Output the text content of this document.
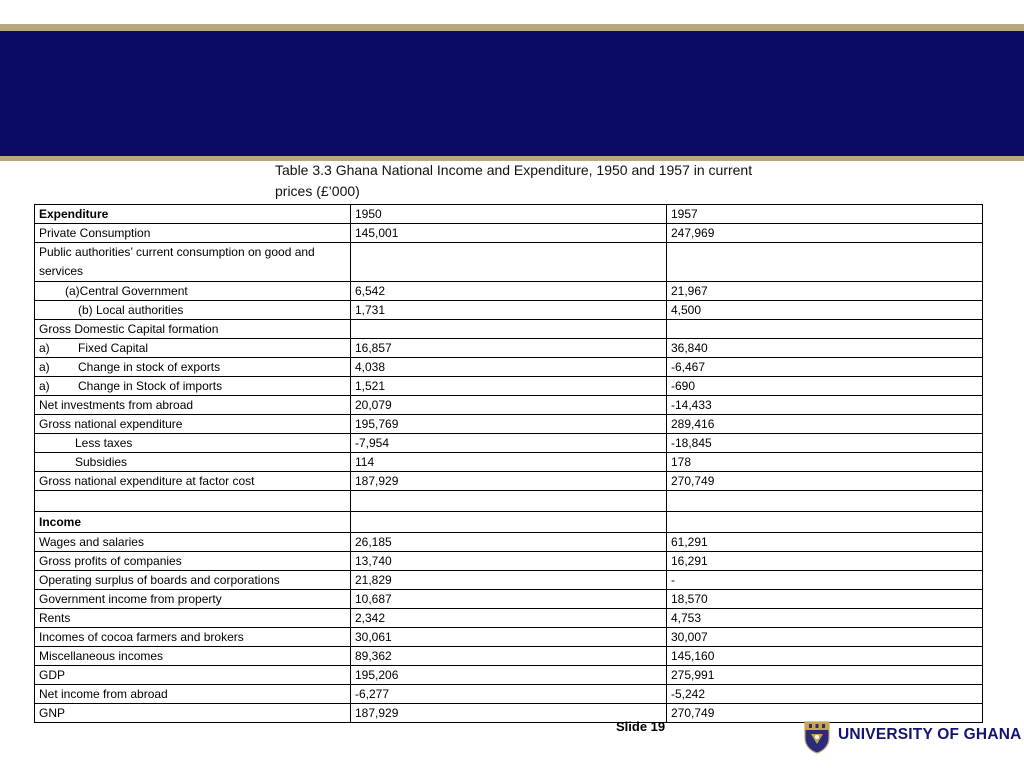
Table 3.3 Ghana National Income and Expenditure, 1950 and 1957 in current prices (£’000)
Expenditure	1950	1957
Private Consumption	145,001	247,969
Public authorities’ current consumption on good and services		
(a)Central Government	6,542	21,967
(b) Local authorities	1,731	4,500
Gross Domestic Capital formation		
a) Fixed Capital	16,857	36,840
a) Change in stock of exports	4,038	-6,467
a) Change in Stock of imports	1,521	-690
Net investments from abroad	20,079	-14,433
Gross national expenditure	195,769	289,416
Less taxes	-7,954	-18,845
Subsidies	114	178
Gross national expenditure at factor cost	187,929	270,749

Income		
Wages and salaries	26,185	61,291
Gross profits of companies	13,740	16,291
Operating surplus of boards and corporations	21,829	-
Government income from property	10,687	18,570
Rents	2,342	4,753
Incomes of cocoa farmers and brokers	30,061	30,007
Miscellaneous incomes	89,362	145,160
GDP	195,206	275,991
Net income from abroad	-6,277	-5,242
GNP	187,929	270,749
Slide 19	UNIVERSITY OF GHANA
